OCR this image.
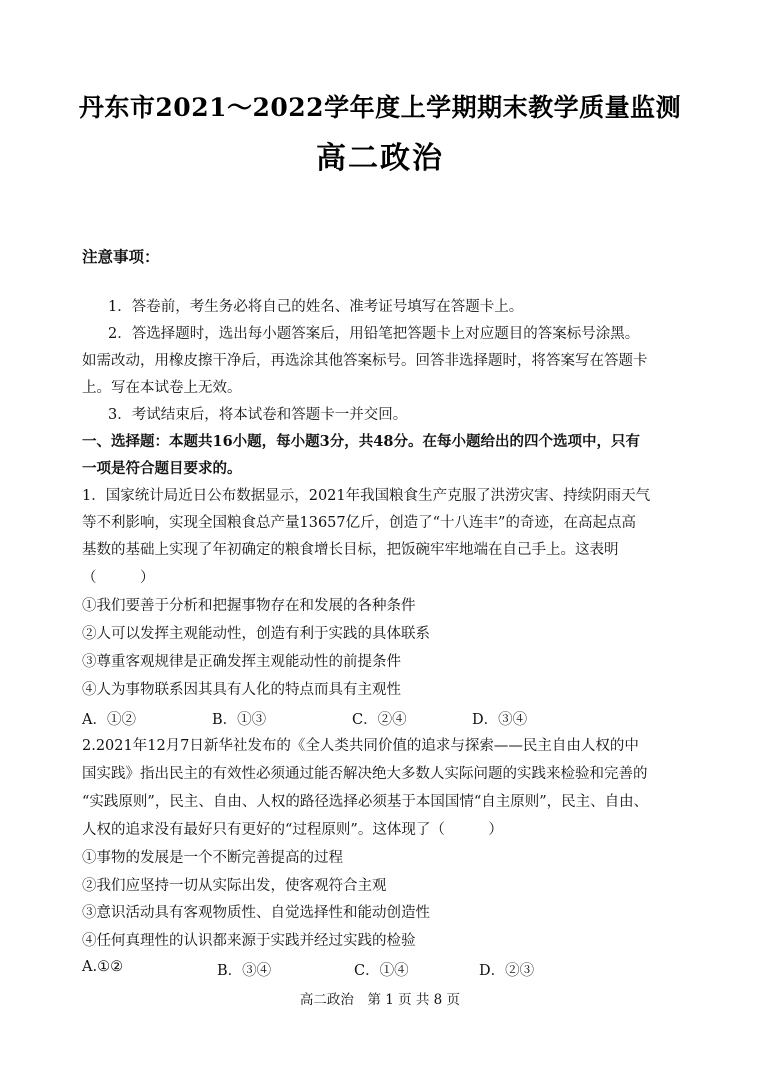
丹东市2021～2022学年度上学期期末教学质量监测
高二政治
注意事项：
1．答卷前，考生务必将自己的姓名、准考证号填写在答题卡上。
2．答选择题时，选出每小题答案后，用铅笔把答题卡上对应题目的答案标号涂黑。
如需改动，用橡皮擦干净后，再选涂其他答案标号。回答非选择题时，将答案写在答题卡
上。写在本试卷上无效。
3．考试结束后，将本试卷和答题卡一并交回。
一、选择题：本题共16小题，每小题3分，共48分。在每小题给出的四个选项中，只有
一项是符合题目要求的。
1．国家统计局近日公布数据显示，2021年我国粮食生产克服了洪涝灾害、持续阴雨天气
等不利影响，实现全国粮食总产量13657亿斤，创造了“十八连丰”的奇迹，在高起点高
基数的基础上实现了年初确定的粮食增长目标，把饭碗牢牢地端在自己手上。这表明
（　　　）
①我们要善于分析和把握事物存在和发展的各种条件
②人可以发挥主观能动性，创造有利于实践的具体联系
③尊重客观规律是正确发挥主观能动性的前提条件
④人为事物联系因其具有人化的特点而具有主观性
A．①②	B．①③	C．②④	D．③④
2.2021年12月7日新华社发布的《全人类共同价值的追求与探索——民主自由人权的中
国实践》指出民主的有效性必须通过能否解决绝大多数人实际问题的实践来检验和完善的
“实践原则”，民主、自由、人权的路径选择必须基于本国国情“自主原则”，民主、自由、
人权的追求没有最好只有更好的“过程原则”。这体现了（　　　）
①事物的发展是一个不断完善提高的过程
②我们应坚持一切从实际出发，使客观符合主观
③意识活动具有客观物质性、自觉选择性和能动创造性
④任何真理性的认识都来源于实践并经过实践的检验
A.①②	B．③④	C．①④	D．②③
高二政治　第 1 页 共 8 页
